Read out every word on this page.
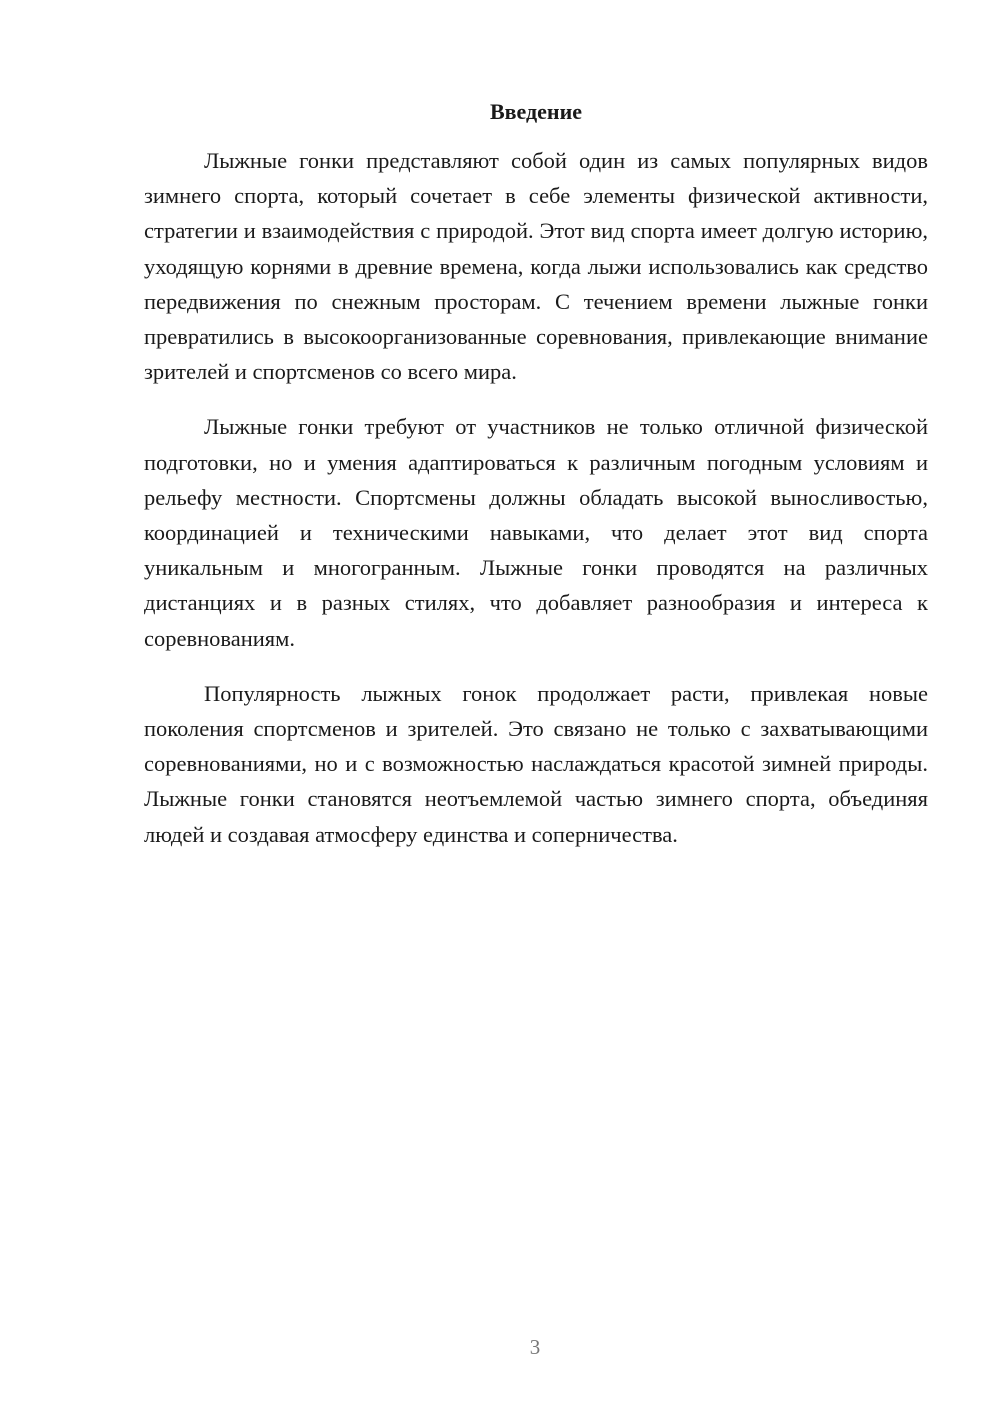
Введение

Лыжные гонки представляют собой один из самых популярных видов зимнего спорта, который сочетает в себе элементы физической активности, стратегии и взаимодействия с природой. Этот вид спорта имеет долгую историю, уходящую корнями в древние времена, когда лыжи использовались как средство передвижения по снежным просторам. С течением времени лыжные гонки превратились в высокоорганизованные соревнования, привлекающие внимание зрителей и спортсменов со всего мира.

Лыжные гонки требуют от участников не только отличной физической подготовки, но и умения адаптироваться к различным погодным условиям и рельефу местности. Спортсмены должны обладать высокой выносливостью, координацией и техническими навыками, что делает этот вид спорта уникальным и многогранным. Лыжные гонки проводятся на различных дистанциях и в разных стилях, что добавляет разнообразия и интереса к соревнованиям.

Популярность лыжных гонок продолжает расти, привлекая новые поколения спортсменов и зрителей. Это связано не только с захватывающими соревнованиями, но и с возможностью наслаждаться красотой зимней природы. Лыжные гонки становятся неотъемлемой частью зимнего спорта, объединяя людей и создавая атмосферу единства и соперничества.

3
